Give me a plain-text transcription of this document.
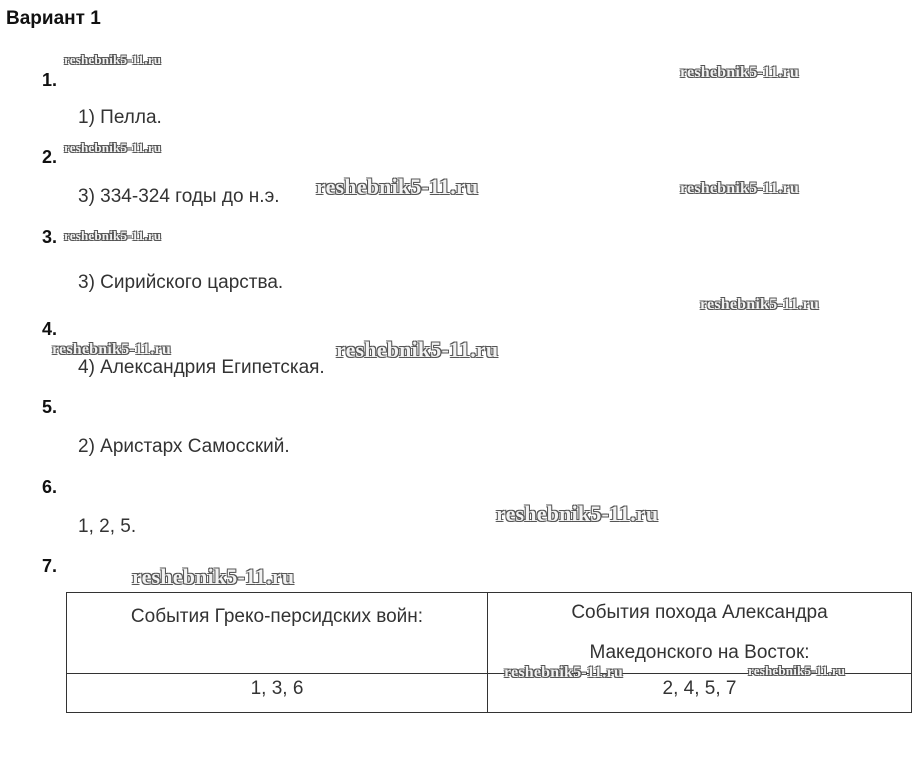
Вариант 1
1.
1) Пелла.
2.
3) 334-324 годы до н.э.
3.
3) Сирийского царства.
4.
4) Александрия Египетская.
5.
2) Аристарх Самосский.
6.
1, 2, 5.
7.
События Греко-персидских войн:	События похода Александра Македонского на Восток:

1, 3, 6	2, 4, 5, 7
reshebnik5-11.ru
reshebnik5-11.ru
reshebnik5-11.ru
reshebnik5-11.ru	reshebnik5-11.ru
reshebnik5-11.ru
reshebnik5-11.ru
reshebnik5-11.ru	reshebnik5-11.ru
reshebnik5-11.ru
reshebnik5-11.ru
reshebnik5-11.ru	reshebnik5-11.ru
